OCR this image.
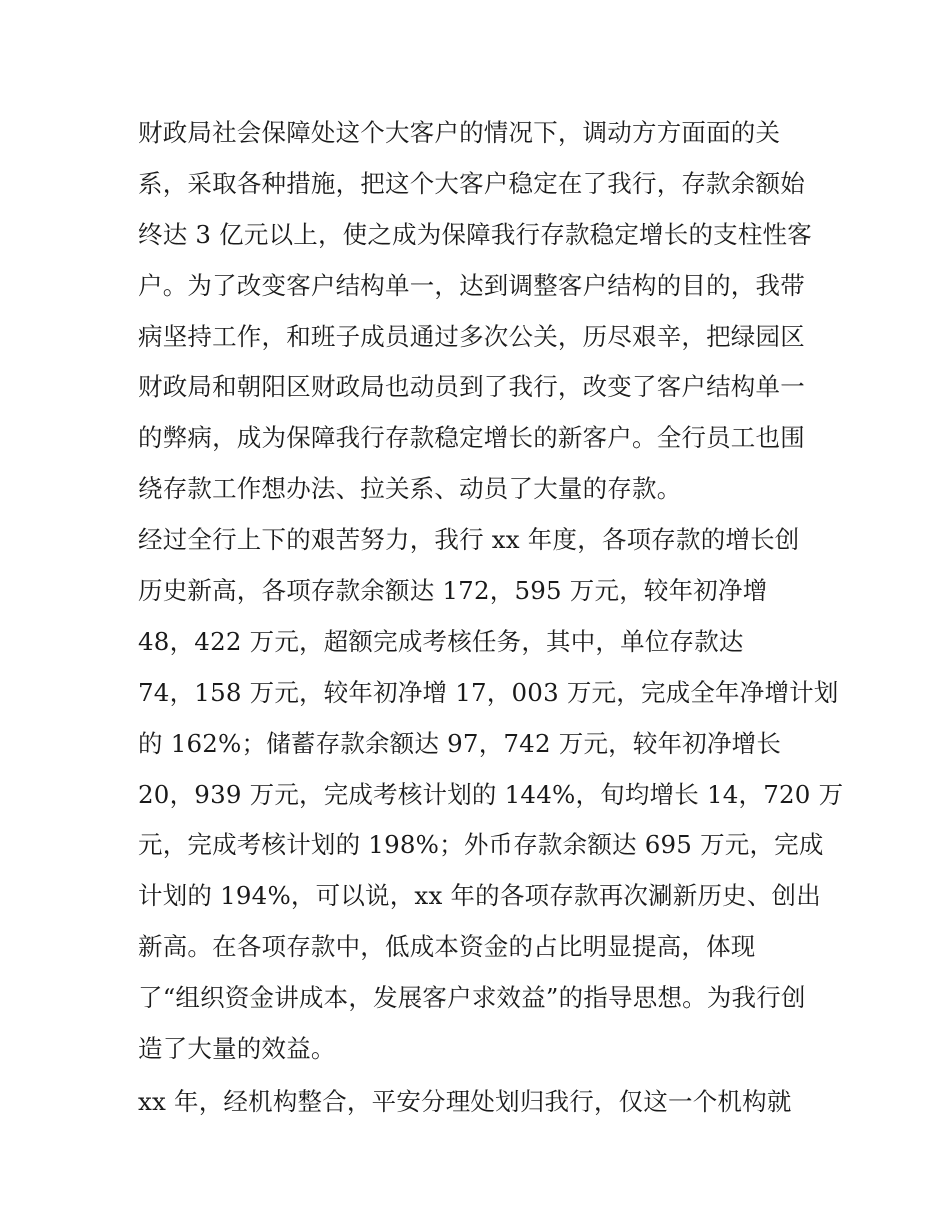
财政局社会保障处这个大客户的情况下，调动方方面面的关
系，采取各种措施，把这个大客户稳定在了我行，存款余额始
终达 3 亿元以上，使之成为保障我行存款稳定增长的支柱性客
户。为了改变客户结构单一，达到调整客户结构的目的，我带
病坚持工作，和班子成员通过多次公关，历尽艰辛，把绿园区
财政局和朝阳区财政局也动员到了我行，改变了客户结构单一
的弊病，成为保障我行存款稳定增长的新客户。全行员工也围
绕存款工作想办法、拉关系、动员了大量的存款。
经过全行上下的艰苦努力，我行 xx 年度，各项存款的增长创
历史新高，各项存款余额达 172，595 万元，较年初净增
48，422 万元，超额完成考核任务，其中，单位存款达
74，158 万元，较年初净增 17，003 万元，完成全年净增计划
的 162%；储蓄存款余额达 97，742 万元，较年初净增长
20，939 万元，完成考核计划的 144%，旬均增长 14，720 万
元，完成考核计划的 198%；外币存款余额达 695 万元，完成
计划的 194%，可以说，xx 年的各项存款再次涮新历史、创出
新高。在各项存款中，低成本资金的占比明显提高，体现
了“组织资金讲成本，发展客户求效益”的指导思想。为我行创
造了大量的效益。
xx 年，经机构整合，平安分理处划归我行，仅这一个机构就
